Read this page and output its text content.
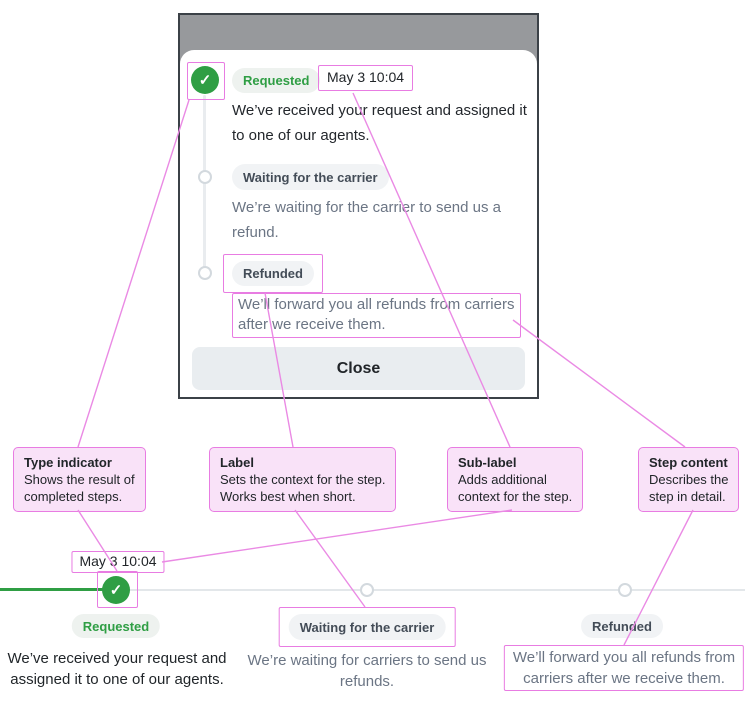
✓	Requested	May 3 10:04
We’ve received your request and assigned it
to one of our agents.
Waiting for the carrier
We’re waiting for the carrier to send us a
refund.
Refunded
We’ll forward you all refunds from carriers
after we receive them.
Close
Type indicator
Shows the result of
completed steps.
Label
Sets the context for the step.
Works best when short.
Sub-label
Adds additional
context for the step.
Step content
Describes the
step in detail.
May 3 10:04
✓
Requested
We’ve received your request and
assigned it to one of our agents.
Waiting for the carrier
We’re waiting for carriers to send us
refunds.
Refunded
We’ll forward you all refunds from
carriers after we receive them.
